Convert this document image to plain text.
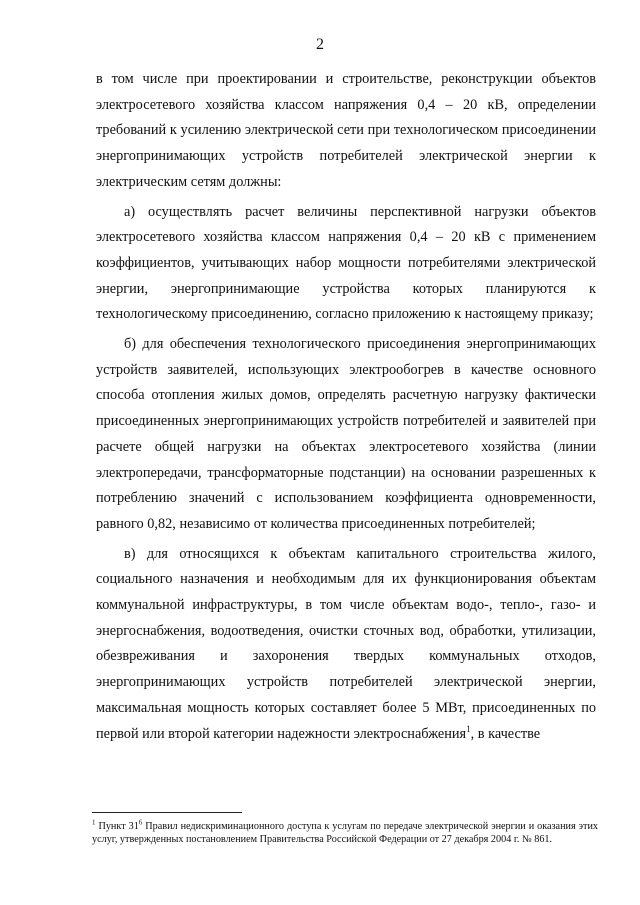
2

в том числе при проектировании и строительстве, реконструкции объектов электросетевого хозяйства классом напряжения 0,4 – 20 кВ, определении требований к усилению электрической сети при технологическом присоединении энергопринимающих устройств потребителей электрической энергии к электрическим сетям должны:

а) осуществлять расчет величины перспективной нагрузки объектов электросетевого хозяйства классом напряжения 0,4 – 20 кВ с применением коэффициентов, учитывающих набор мощности потребителями электрической энергии, энергопринимающие устройства которых планируются к технологическому присоединению, согласно приложению к настоящему приказу;

б) для обеспечения технологического присоединения энергопринимающих устройств заявителей, использующих электрообогрев в качестве основного способа отопления жилых домов, определять расчетную нагрузку фактически присоединенных энергопринимающих устройств потребителей и заявителей при расчете общей нагрузки на объектах электросетевого хозяйства (линии электропередачи, трансформаторные подстанции) на основании разрешенных к потреблению значений с использованием коэффициента одновременности, равного 0,82, независимо от количества присоединенных потребителей;

в) для относящихся к объектам капитального строительства жилого, социального назначения и необходимым для их функционирования объектам коммунальной инфраструктуры, в том числе объектам водо-, тепло-, газо- и энергоснабжения, водоотведения, очистки сточных вод, обработки, утилизации, обезвреживания и захоронения твердых коммунальных отходов, энергопринимающих устройств потребителей электрической энергии, максимальная мощность которых составляет более 5 МВт, присоединенных по первой или второй категории надежности электроснабжения$^1$, в качестве

$^1$ Пункт 31$^6$ Правил недискриминационного доступа к услугам по передаче электрической энергии и оказания этих услуг, утвержденных постановлением Правительства Российской Федерации от 27 декабря 2004 г. № 861.
